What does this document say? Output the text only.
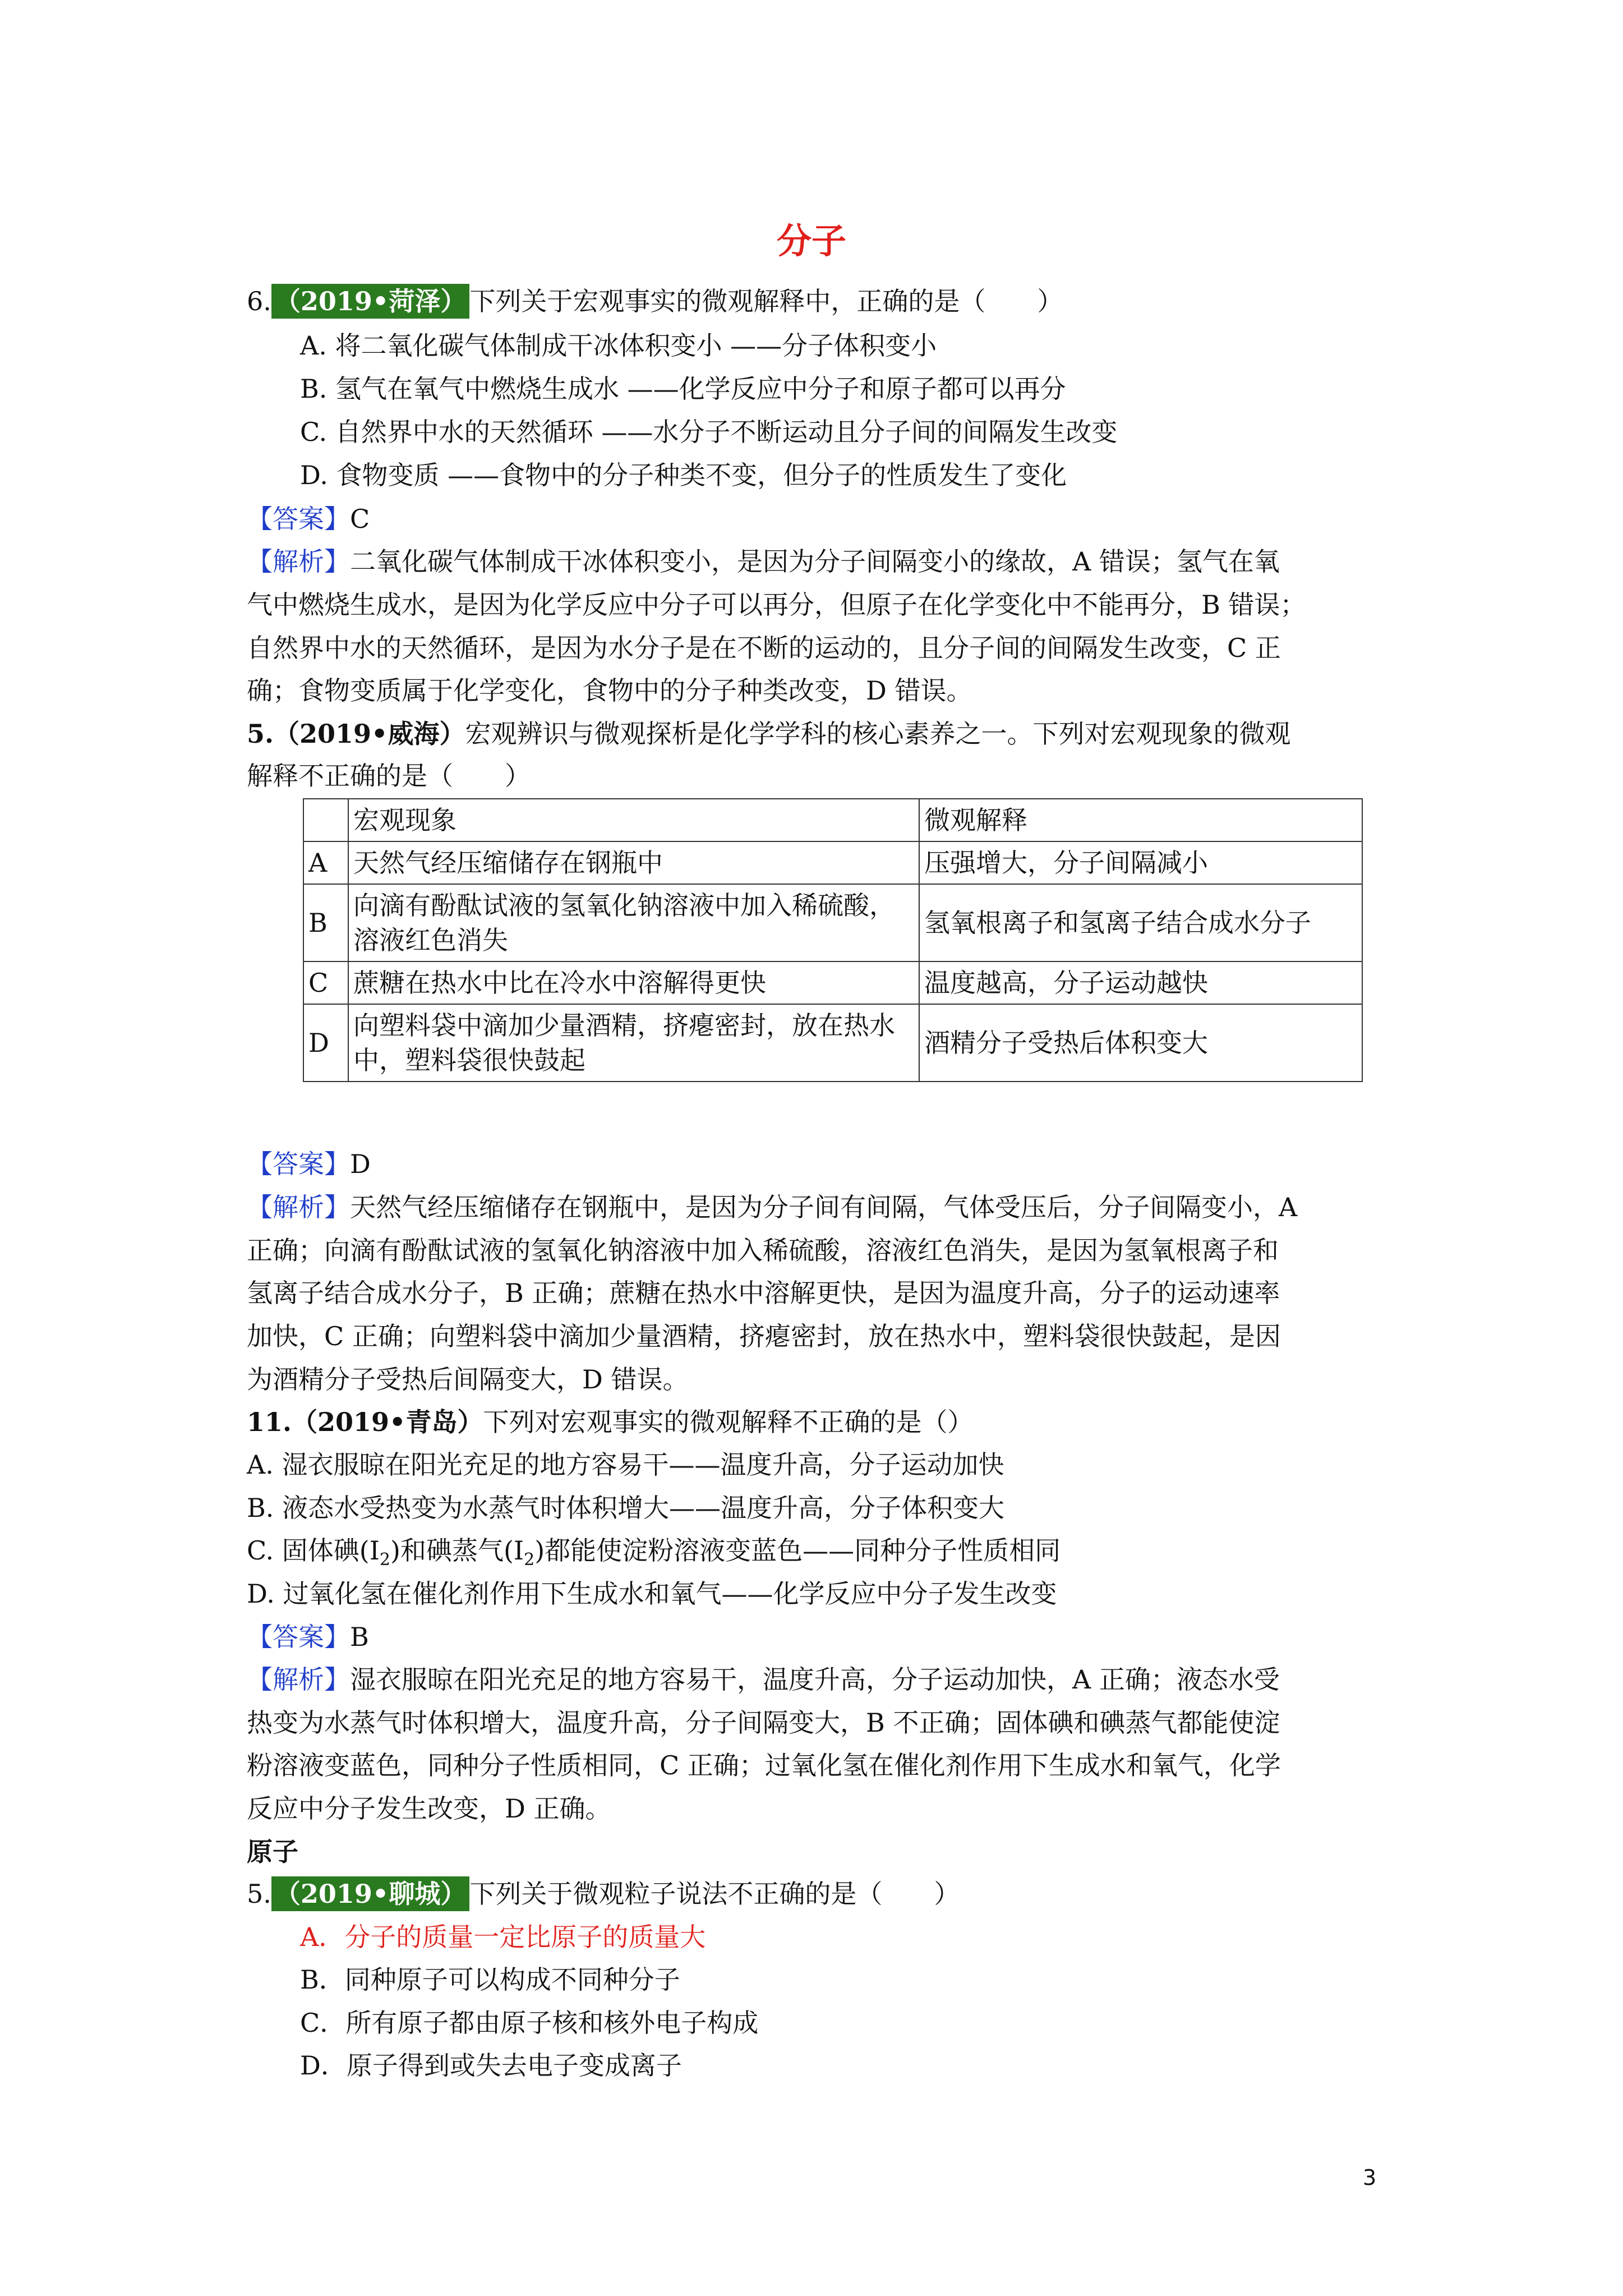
分子
6. （2019•菏泽） 下列关于宏观事实的微观解释中，正确的是（　　）
A. 将二氧化碳气体制成干冰体积变小 ——分子体积变小
B. 氢气在氧气中燃烧生成水 ——化学反应中分子和原子都可以再分
C. 自然界中水的天然循环 ——水分子不断运动且分子间的间隔发生改变
D. 食物变质 ——食物中的分子种类不变，但分子的性质发生了变化
【答案】C
【解析】二氧化碳气体制成干冰体积变小，是因为分子间隔变小的缘故，A 错误；氢气在氧
气中燃烧生成水，是因为化学反应中分子可以再分，但原子在化学变化中不能再分，B 错误；
自然界中水的天然循环，是因为水分子是在不断的运动的，且分子间的间隔发生改变，C 正
确；食物变质属于化学变化，食物中的分子种类改变，D 错误。
5.（2019•威海）宏观辨识与微观探析是化学学科的核心素养之一。下列对宏观现象的微观
解释不正确的是（　　）
	宏观现象	微观解释
A	天然气经压缩储存在钢瓶中	压强增大，分子间隔减小
B	向滴有酚酞试液的氢氧化钠溶液中加入稀硫酸，溶液红色消失	氢氧根离子和氢离子结合成水分子
C	蔗糖在热水中比在冷水中溶解得更快	温度越高，分子运动越快
D	向塑料袋中滴加少量酒精，挤瘪密封，放在热水中，塑料袋很快鼓起	酒精分子受热后体积变大
【答案】D
【解析】天然气经压缩储存在钢瓶中，是因为分子间有间隔，气体受压后，分子间隔变小，A
正确；向滴有酚酞试液的氢氧化钠溶液中加入稀硫酸，溶液红色消失，是因为氢氧根离子和
氢离子结合成水分子，B 正确；蔗糖在热水中溶解更快，是因为温度升高，分子的运动速率
加快，C 正确；向塑料袋中滴加少量酒精，挤瘪密封，放在热水中，塑料袋很快鼓起，是因
为酒精分子受热后间隔变大，D 错误。
11.（2019•青岛）下列对宏观事实的微观解释不正确的是（）
A. 湿衣服晾在阳光充足的地方容易干——温度升高，分子运动加快
B. 液态水受热变为水蒸气时体积增大——温度升高，分子体积变大
C. 固体碘$(I_2)$和碘蒸气$(I_2)$都能使淀粉溶液变蓝色——同种分子性质相同
D. 过氧化氢在催化剂作用下生成水和氧气——化学反应中分子发生改变
【答案】B
【解析】湿衣服晾在阳光充足的地方容易干，温度升高，分子运动加快，A 正确；液态水受
热变为水蒸气时体积增大，温度升高，分子间隔变大，B 不正确；固体碘和碘蒸气都能使淀
粉溶液变蓝色，同种分子性质相同，C 正确；过氧化氢在催化剂作用下生成水和氧气，化学
反应中分子发生改变，D 正确。
原子
5. （2019•聊城） 下列关于微观粒子说法不正确的是（　　）
A．分子的质量一定比原子的质量大
B．同种原子可以构成不同种分子
C．所有原子都由原子核和核外电子构成
D．原子得到或失去电子变成离子
3
